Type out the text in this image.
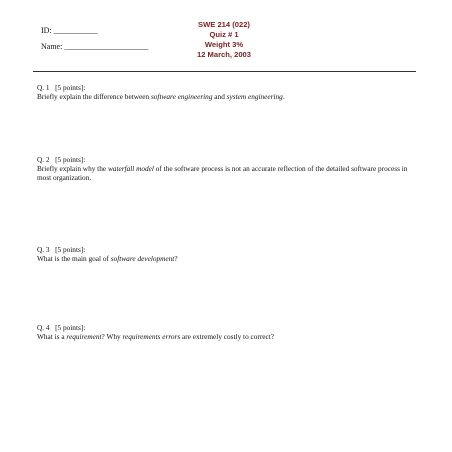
ID: ___________
Name: _____________________
SWE 214 (022)
Quiz # 1
Weight 3%
12 March, 2003
Q. 1 [5 points]:
Briefly explain the difference between software engineering and system engineering.
Q. 2 [5 points]:
Briefly explain why the waterfall model of the software process is not an accurate reflection of the detailed software process in most organization.
Q. 3 [5 points]:
What is the main goal of software development?
Q. 4 [5 points]:
What is a requirement? Why requirements errors are extremely costly to correct?
